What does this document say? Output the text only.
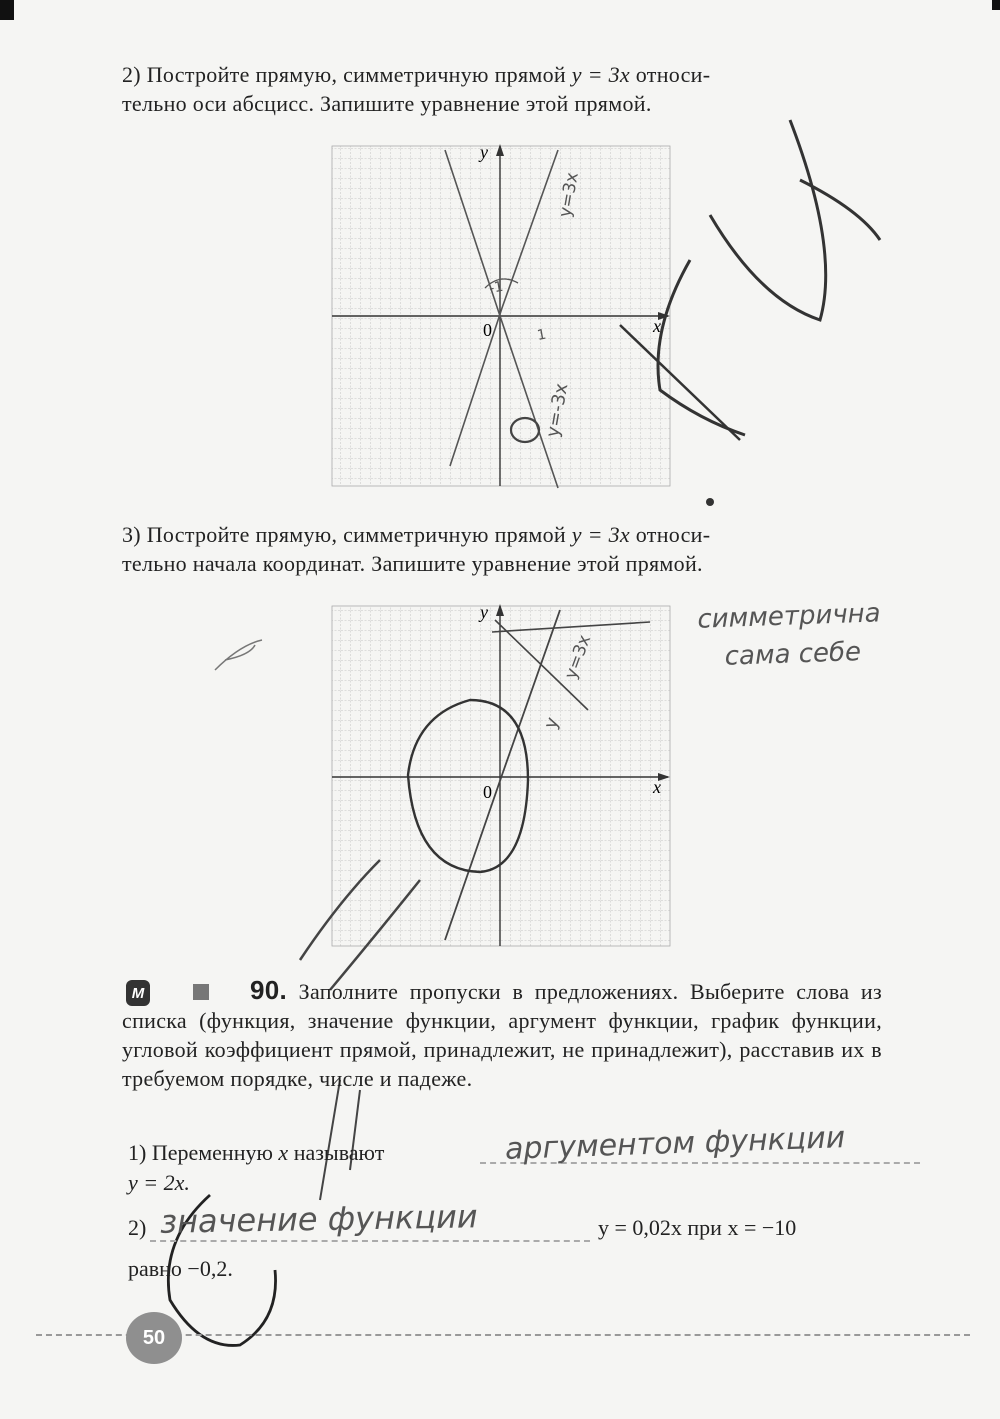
2) Постройте прямую, симметричную прямой y = 3x относи-
тельно оси абсцисс. Запишите уравнение этой прямой.
x
y
0
y=3x
y=-3x
-1
1
3) Постройте прямую, симметричную прямой y = 3x относи-
тельно начала координат. Запишите уравнение этой прямой.
x
y
0
y=3x
y
симметрична
сама себе
М	90. Заполните пропуски в предложениях. Выберите слова из списка (функция, значение функции, аргумент функции, график функции, угловой коэффициент прямой, принадлежит, не принадлежит), расставив их в требуемом порядке, числе и падеже.
1) Переменную x называют	аргументом функции
y = 2x.
2) значение функции	y = 0,02x при x = −10
равно −0,2.
50
